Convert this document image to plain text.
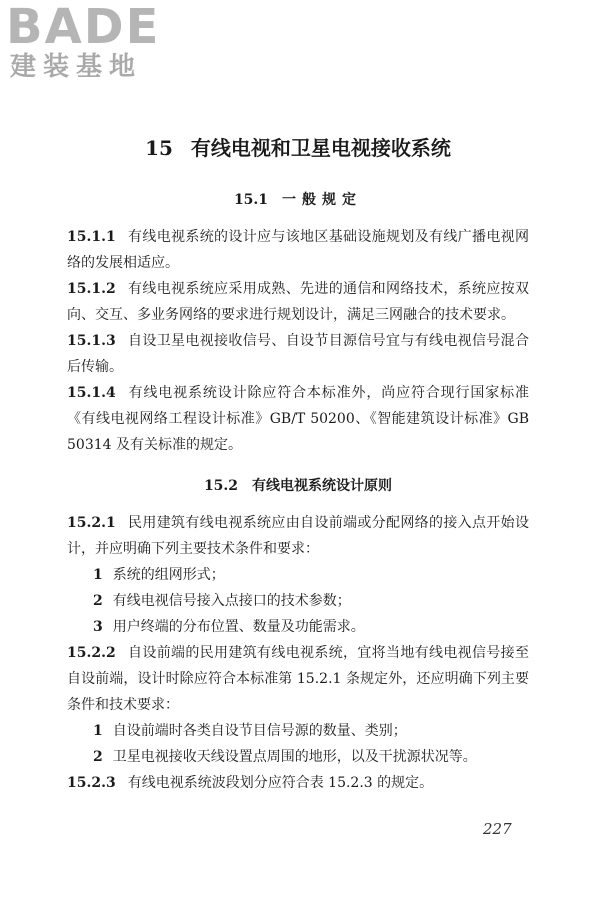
BADE
建装基地
15 有线电视和卫星电视接收系统
15.1 一般规定

15.1.1 有线电视系统的设计应与该地区基础设施规划及有线广播电视网络的发展相适应。

15.1.2 有线电视系统应采用成熟、先进的通信和网络技术，系统应按双向、交互、多业务网络的要求进行规划设计，满足三网融合的技术要求。

15.1.3 自设卫星电视接收信号、自设节目源信号宜与有线电视信号混合后传输。

15.1.4 有线电视系统设计除应符合本标准外，尚应符合现行国家标准《有线电视网络工程设计标准》GB/T 50200、《智能建筑设计标准》GB 50314 及有关标准的规定。

15.2 有线电视系统设计原则

15.2.1 民用建筑有线电视系统应由自设前端或分配网络的接入点开始设计，并应明确下列主要技术条件和要求：

1 系统的组网形式；

2 有线电视信号接入点接口的技术参数；

3 用户终端的分布位置、数量及功能需求。

15.2.2 自设前端的民用建筑有线电视系统，宜将当地有线电视信号接至自设前端，设计时除应符合本标准第 15.2.1 条规定外，还应明确下列主要条件和技术要求：

1 自设前端时各类自设节目信号源的数量、类别；

2 卫星电视接收天线设置点周围的地形，以及干扰源状况等。

15.2.3 有线电视系统波段划分应符合表 15.2.3 的规定。

227
